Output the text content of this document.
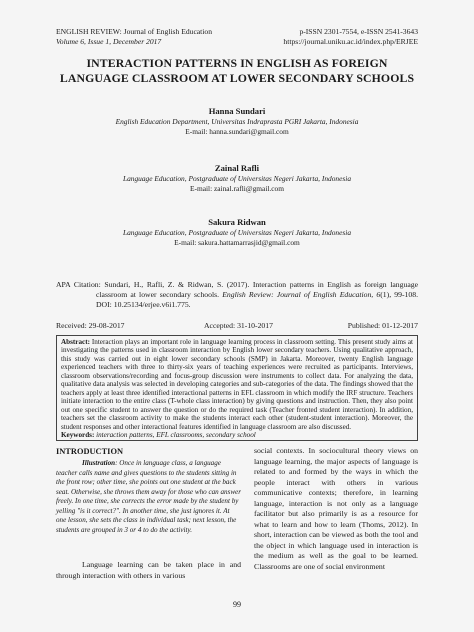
ENGLISH REVIEW: Journal of English Education
Volume 6, Issue 1, December 2017
p-ISSN 2301-7554, e-ISSN 2541-3643
https://journal.uniku.ac.id/index.php/ERJEE
INTERACTION PATTERNS IN ENGLISH AS FOREIGN LANGUAGE CLASSROOM AT LOWER SECONDARY SCHOOLS
Hanna Sundari
English Education Department, Universitas Indraprasta PGRI Jakarta, Indonesia
E-mail: hanna.sundari@gmail.com
Zainal Rafli
Language Education, Postgraduate of Universitas Negeri Jakarta, Indonesia
E-mail: zainal.rafli@gmail.com
Sakura Ridwan
Language Education, Postgraduate of Universitas Negeri Jakarta, Indonesia
E-mail: sakura.hattamarrasjid@gmail.com
APA Citation: Sundari, H., Rafli, Z. & Ridwan, S. (2017). Interaction patterns in English as foreign language classroom at lower secondary schools. English Review: Journal of English Education, 6(1), 99-108. DOI: 10.25134/erjee.v6i1.775.
Received: 29-08-2017	Accepted: 31-10-2017	Published: 01-12-2017
Abstract: Interaction plays an important role in language learning process in classroom setting. This present study aims at investigating the patterns used in classroom interaction by English lower secondary teachers. Using qualitative approach, this study was carried out in eight lower secondary schools (SMP) in Jakarta. Moreover, twenty English language experienced teachers with three to thirty-six years of teaching experiences were recruited as participants. Interviews, classroom observations/recording and focus-group discussion were instruments to collect data. For analyzing the data, qualitative data analysis was selected in developing categories and sub-categories of the data. The findings showed that the teachers apply at least three identified interactional patterns in EFL classroom in which modify the IRF structure. Teachers initiate interaction to the entire class (T-whole class interaction) by giving questions and instruction. Then, they also point out one specific student to answer the question or do the required task (Teacher fronted student interaction). In addition, teachers set the classroom activity to make the students interact each other (student-student interaction). Moreover, the student responses and other interactional features identified in language classroom are also discussed.
Keywords: interaction patterns, EFL classrooms, secondary school
INTRODUCTION
Illustration: Once in language class, a language teacher calls name and gives questions to the students sitting in the front row; other time, she points out one student at the back seat. Otherwise, she throws them away for those who can answer freely. In one time, she corrects the error made by the student by yelling "is it correct?". In another time, she just ignores it. At one lesson, she sets the class in individual task; next lesson, the students are grouped in 3 or 4 to do the activity.
Language learning can be taken place in and through interaction with others in various
social contexts. In sociocultural theory views on language learning, the major aspects of language is related to and formed by the ways in which the people interact with others in various communicative contexts; therefore, in learning language, interaction is not only as a language facilitator but also primarily is as a resource for what to learn and how to learn (Thoms, 2012). In short, interaction can be viewed as both the tool and the object in which language used in interaction is the medium as well as the goal to be learned. Classrooms are one of social environment
99
